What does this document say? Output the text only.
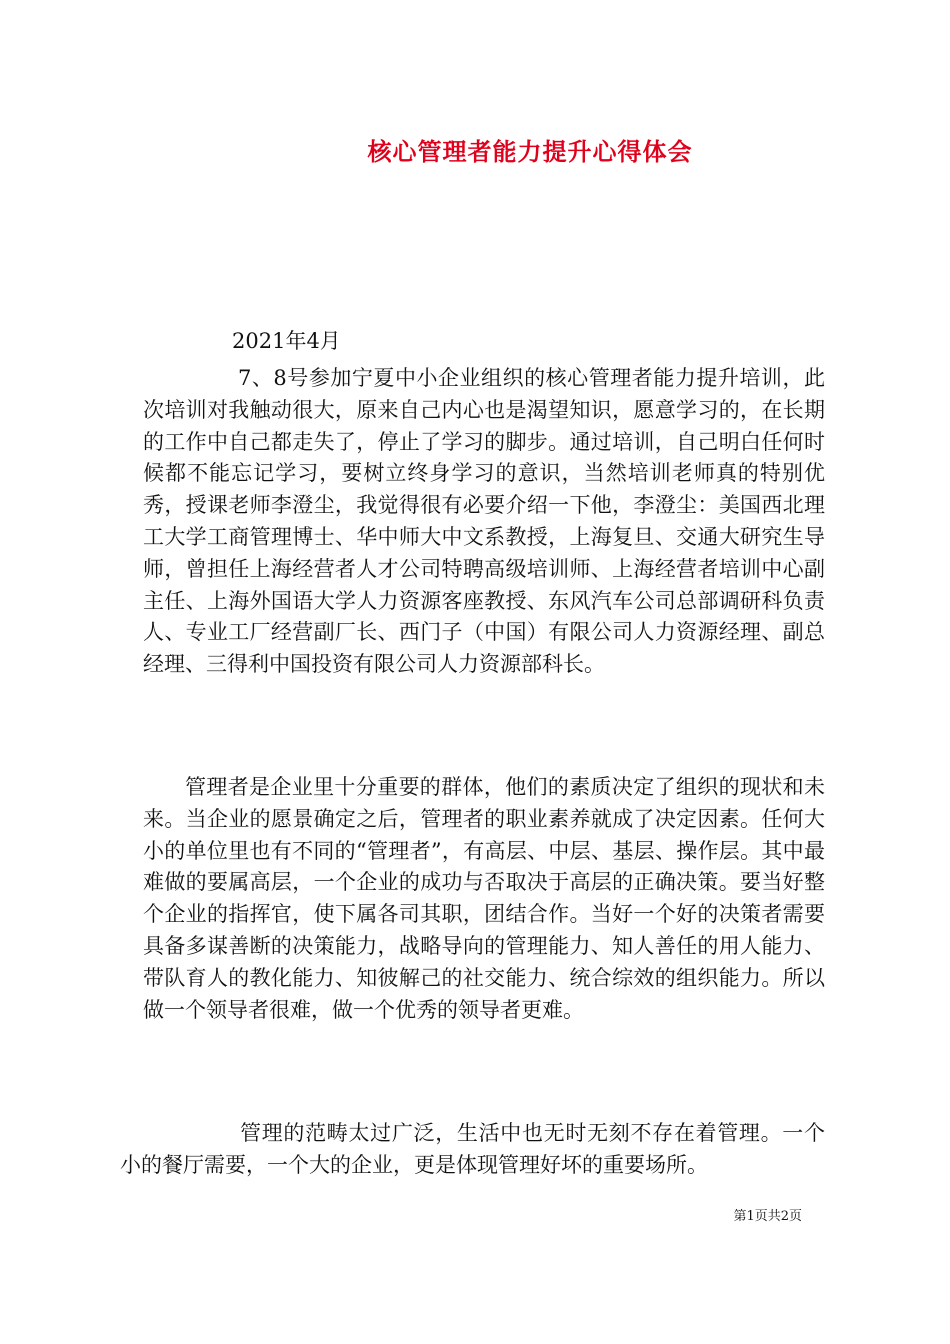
核心管理者能力提升心得体会

2021年4月

7、8号参加宁夏中小企业组织的核心管理者能力提升培训，此次培训对我触动很大，原来自己内心也是渴望知识，愿意学习的，在长期的工作中自己都走失了，停止了学习的脚步。通过培训，自己明白任何时候都不能忘记学习，要树立终身学习的意识，当然培训老师真的特别优秀，授课老师李澄尘，我觉得很有必要介绍一下他，李澄尘：美国西北理工大学工商管理博士、华中师大中文系教授，上海复旦、交通大研究生导师，曾担任上海经营者人才公司特聘高级培训师、上海经营者培训中心副主任、上海外国语大学人力资源客座教授、东风汽车公司总部调研科负责人、专业工厂经营副厂长、西门子（中国）有限公司人力资源经理、副总经理、三得利中国投资有限公司人力资源部科长。

管理者是企业里十分重要的群体，他们的素质决定了组织的现状和未来。当企业的愿景确定之后，管理者的职业素养就成了决定因素。任何大小的单位里也有不同的“管理者”，有高层、中层、基层、操作层。其中最难做的要属高层，一个企业的成功与否取决于高层的正确决策。要当好整个企业的指挥官，使下属各司其职，团结合作。当好一个好的决策者需要具备多谋善断的决策能力，战略导向的管理能力、知人善任的用人能力、带队育人的教化能力、知彼解己的社交能力、统合综效的组织能力。所以做一个领导者很难，做一个优秀的领导者更难。

管理的范畴太过广泛，生活中也无时无刻不存在着管理。一个小的餐厅需要，一个大的企业，更是体现管理好坏的重要场所。

第1页共2页
